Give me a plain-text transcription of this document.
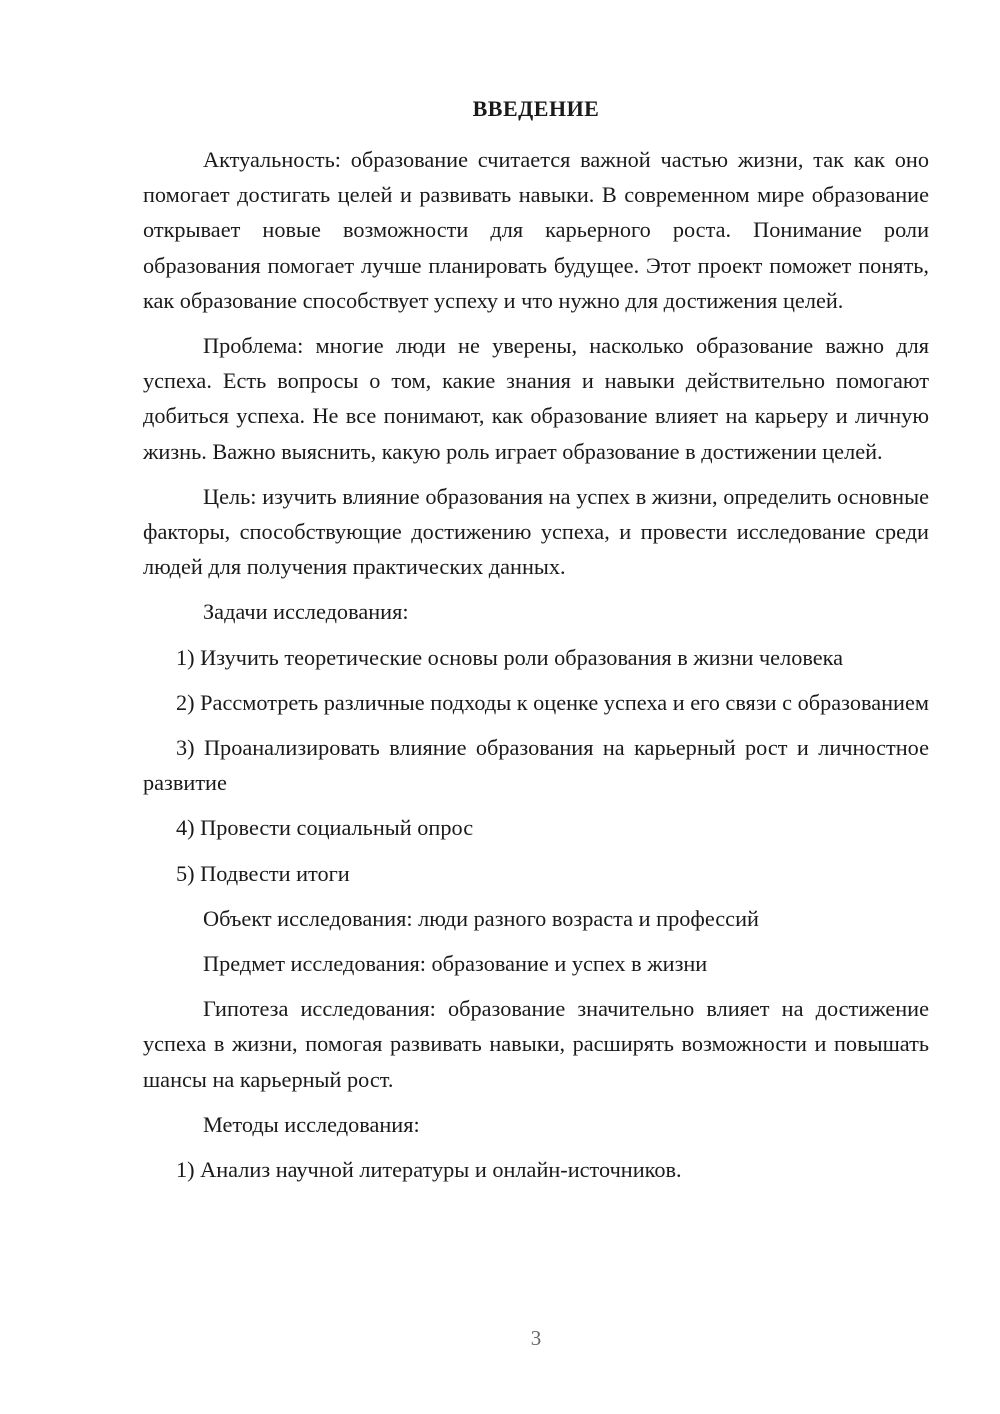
ВВЕДЕНИЕ

Актуальность: образование считается важной частью жизни, так как оно помогает достигать целей и развивать навыки. В современном мире образование открывает новые возможности для карьерного роста. Понимание роли образования помогает лучше планировать будущее. Этот проект поможет понять, как образование способствует успеху и что нужно для достижения целей.

Проблема: многие люди не уверены, насколько образование важно для успеха. Есть вопросы о том, какие знания и навыки действительно помогают добиться успеха. Не все понимают, как образование влияет на карьеру и личную жизнь. Важно выяснить, какую роль играет образование в достижении целей.

Цель: изучить влияние образования на успех в жизни, определить основные факторы, способствующие достижению успеха, и провести исследование среди людей для получения практических данных.

Задачи исследования:

1) Изучить теоретические основы роли образования в жизни человека

2) Рассмотреть различные подходы к оценке успеха и его связи с образованием

3) Проанализировать влияние образования на карьерный рост и личностное развитие

4) Провести социальный опрос

5) Подвести итоги

Объект исследования: люди разного возраста и профессий

Предмет исследования: образование и успех в жизни

Гипотеза исследования: образование значительно влияет на достижение успеха в жизни, помогая развивать навыки, расширять возможности и повышать шансы на карьерный рост.

Методы исследования:

1) Анализ научной литературы и онлайн-источников.

3
